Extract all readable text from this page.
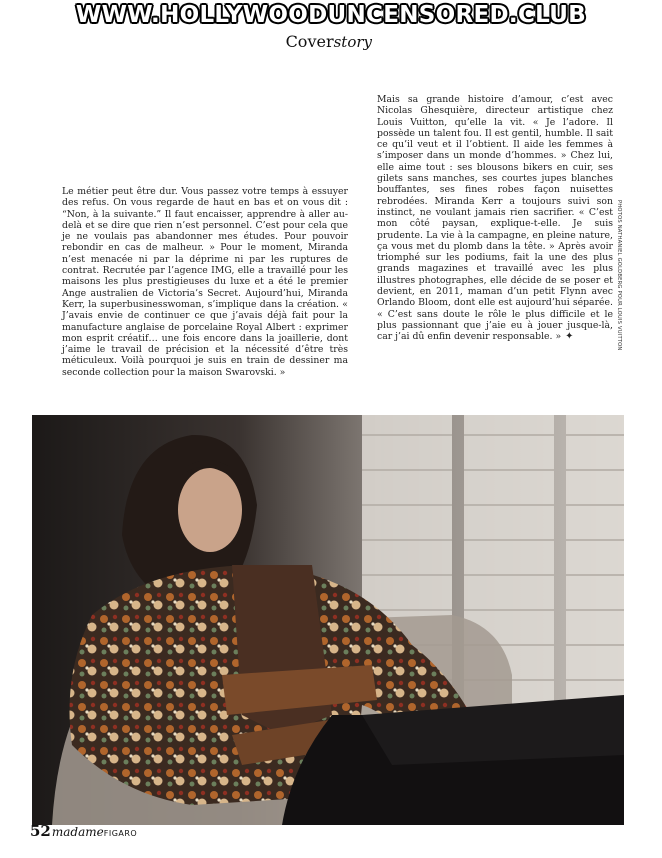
WWW.HOLLYWOODUNCENSORED.CLUB
Coverstory
Le métier peut être dur. Vous passez votre temps à essuyer des refus. On vous regarde de haut en bas et on vous dit : “Non, à la suivante.” Il faut encaisser, apprendre à aller au-delà et se dire que rien n’est personnel. C’est pour cela que je ne voulais pas abandonner mes études. Pour pouvoir rebondir en cas de malheur. » Pour le moment, Miranda n’est menacée ni par la déprime ni par les ruptures de contrat. Recrutée par l’agence IMG, elle a travaillé pour les maisons les plus prestigieuses du luxe et a été le premier Ange australien de Victoria’s Secret. Aujourd’hui, Miranda Kerr, la superbusinesswoman, s’implique dans la création. « J’avais envie de continuer ce que j’avais déjà fait pour la manufacture anglaise de porcelaine Royal Albert : exprimer mon esprit créatif… une fois encore dans la joaillerie, dont j’aime le travail de précision et la nécessité d’être très méticuleux. Voilà pourquoi je suis en train de dessiner ma seconde collection pour la maison Swarovski. »
Mais sa grande histoire d’amour, c’est avec Nicolas Ghesquière, directeur artistique chez Louis Vuitton, qu’elle la vit. « Je l’adore. Il possède un talent fou. Il est gentil, humble. Il sait ce qu’il veut et il l’obtient. Il aide les femmes à s’imposer dans un monde d’hommes. » Chez lui, elle aime tout : ses blousons bikers en cuir, ses gilets sans manches, ses courtes jupes blanches bouffantes, ses fines robes façon nuisettes rebrodées. Miranda Kerr a toujours suivi son instinct, ne voulant jamais rien sacrifier. « C’est mon côté paysan, explique-t-elle. Je suis prudente. La vie à la campagne, en pleine nature, ça vous met du plomb dans la tête. » Après avoir triomphé sur les podiums, fait la une des plus grands magazines et travaillé avec les plus illustres photographes, elle décide de se poser et devient, en 2011, maman d’un petit Flynn avec Orlando Bloom, dont elle est aujourd’hui séparée. « C’est sans doute le rôle le plus difficile et le plus passionnant que j’aie eu à jouer jusque-là, car j’ai dû enfin devenir responsable. » ✦	PHOTOS NATHANIEL GOLDBERG POUR LOUIS VUITTON
52 madame FIGARO
